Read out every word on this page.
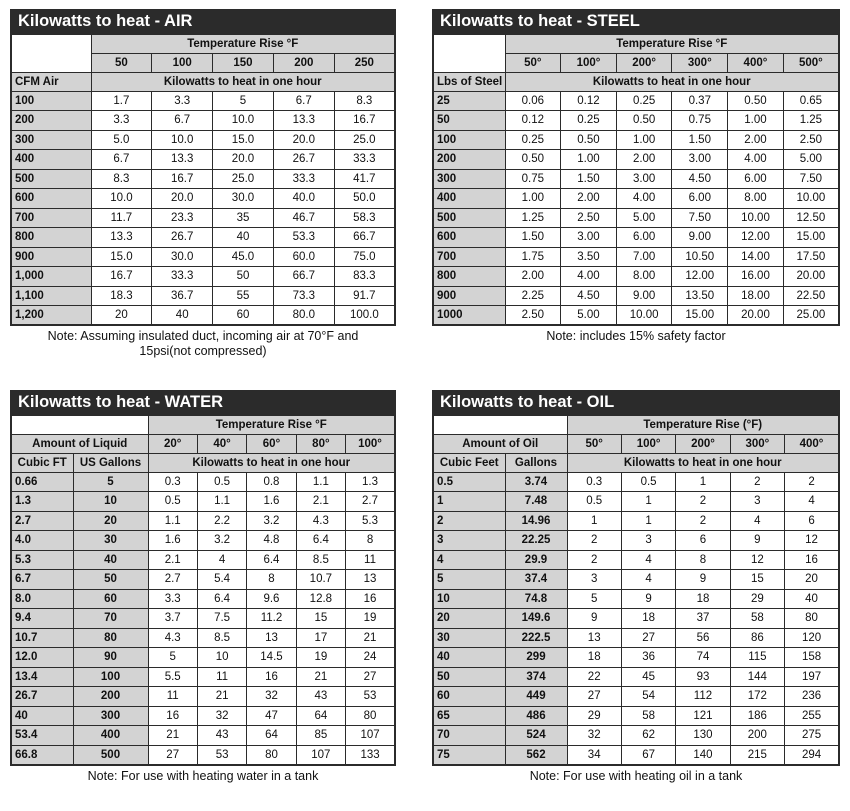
Kilowatts to heat - AIR
	Temperature Rise °F				
	50	100	150	200	250
CFM Air	Kilowatts to heat in one hour				
100	1.7	3.3	5	6.7	8.3
200	3.3	6.7	10.0	13.3	16.7
300	5.0	10.0	15.0	20.0	25.0
400	6.7	13.3	20.0	26.7	33.3
500	8.3	16.7	25.0	33.3	41.7
600	10.0	20.0	30.0	40.0	50.0
700	11.7	23.3	35	46.7	58.3
800	13.3	26.7	40	53.3	66.7
900	15.0	30.0	45.0	60.0	75.0
1,000	16.7	33.3	50	66.7	83.3
1,100	18.3	36.7	55	73.3	91.7
1,200	20	40	60	80.0	100.0
Note: Assuming insulated duct, incoming air at 70°F and
15psi(not compressed)
Kilowatts to heat - STEEL
	Temperature Rise °F					
	50°	100°	200°	300°	400°	500°
Lbs of Steel	Kilowatts to heat in one hour					
25	0.06	0.12	0.25	0.37	0.50	0.65
50	0.12	0.25	0.50	0.75	1.00	1.25
100	0.25	0.50	1.00	1.50	2.00	2.50
200	0.50	1.00	2.00	3.00	4.00	5.00
300	0.75	1.50	3.00	4.50	6.00	7.50
400	1.00	2.00	4.00	6.00	8.00	10.00
500	1.25	2.50	5.00	7.50	10.00	12.50
600	1.50	3.00	6.00	9.00	12.00	15.00
700	1.75	3.50	7.00	10.50	14.00	17.50
800	2.00	4.00	8.00	12.00	16.00	20.00
900	2.25	4.50	9.00	13.50	18.00	22.50
1000	2.50	5.00	10.00	15.00	20.00	25.00
Note: includes 15% safety factor
Kilowatts to heat - WATER
		Temperature Rise °F				
Amount of Liquid		20°	40°	60°	80°	100°
Cubic FT	US Gallons	Kilowatts to heat in one hour				
0.66	5	0.3	0.5	0.8	1.1	1.3
1.3	10	0.5	1.1	1.6	2.1	2.7
2.7	20	1.1	2.2	3.2	4.3	5.3
4.0	30	1.6	3.2	4.8	6.4	8
5.3	40	2.1	4	6.4	8.5	11
6.7	50	2.7	5.4	8	10.7	13
8.0	60	3.3	6.4	9.6	12.8	16
9.4	70	3.7	7.5	11.2	15	19
10.7	80	4.3	8.5	13	17	21
12.0	90	5	10	14.5	19	24
13.4	100	5.5	11	16	21	27
26.7	200	11	21	32	43	53
40	300	16	32	47	64	80
53.4	400	21	43	64	85	107
66.8	500	27	53	80	107	133
Note: For use with heating water in a tank
Kilowatts to heat - OIL
		Temperature Rise (°F)				
Amount of Oil		50°	100°	200°	300°	400°
Cubic Feet	Gallons	Kilowatts to heat in one hour				
0.5	3.74	0.3	0.5	1	2	2
1	7.48	0.5	1	2	3	4
2	14.96	1	1	2	4	6
3	22.25	2	3	6	9	12
4	29.9	2	4	8	12	16
5	37.4	3	4	9	15	20
10	74.8	5	9	18	29	40
20	149.6	9	18	37	58	80
30	222.5	13	27	56	86	120
40	299	18	36	74	115	158
50	374	22	45	93	144	197
60	449	27	54	112	172	236
65	486	29	58	121	186	255
70	524	32	62	130	200	275
75	562	34	67	140	215	294
Note: For use with heating oil in a tank
